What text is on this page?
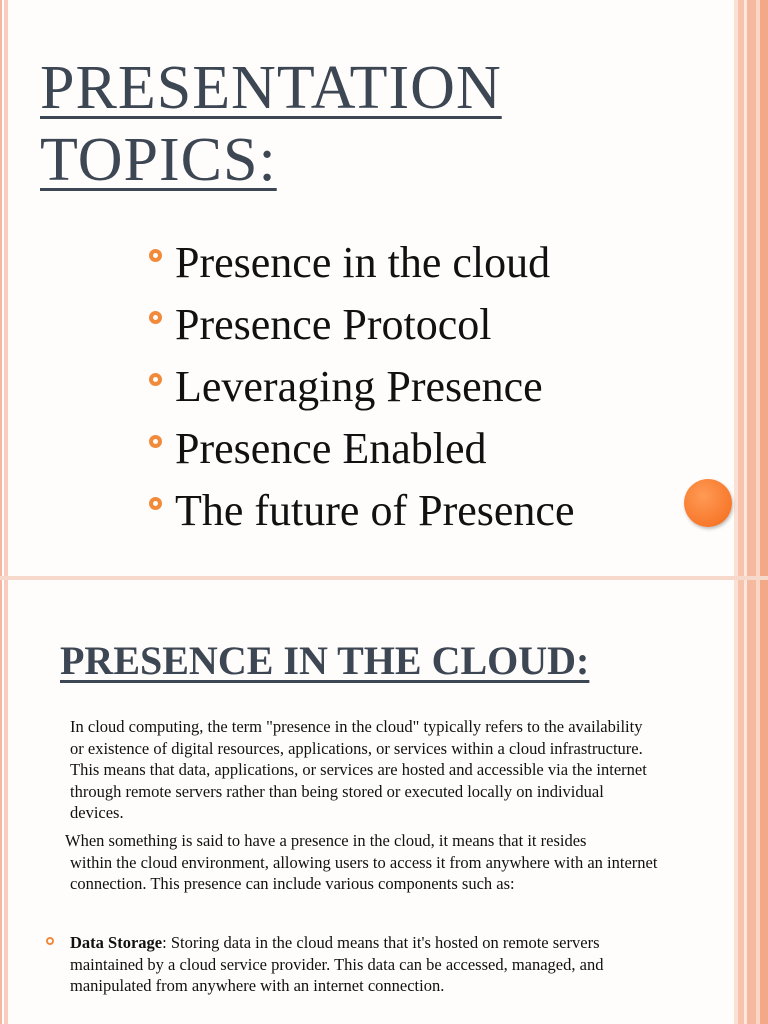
PRESENTATION
TOPICS:
Presence in the cloud
Presence Protocol
Leveraging Presence
Presence Enabled
The future of Presence
PRESENCE IN THE CLOUD:

In cloud computing, the term "presence in the cloud" typically refers to the availability or existence of digital resources, applications, or services within a cloud infrastructure. This means that data, applications, or services are hosted and accessible via the internet through remote servers rather than being stored or executed locally on individual devices.

When something is said to have a presence in the cloud, it means that it resides
within the cloud environment, allowing users to access it from anywhere with an internet connection. This presence can include various components such as:

Data Storage: Storing data in the cloud means that it's hosted on remote servers maintained by a cloud service provider. This data can be accessed, managed, and manipulated from anywhere with an internet connection.
